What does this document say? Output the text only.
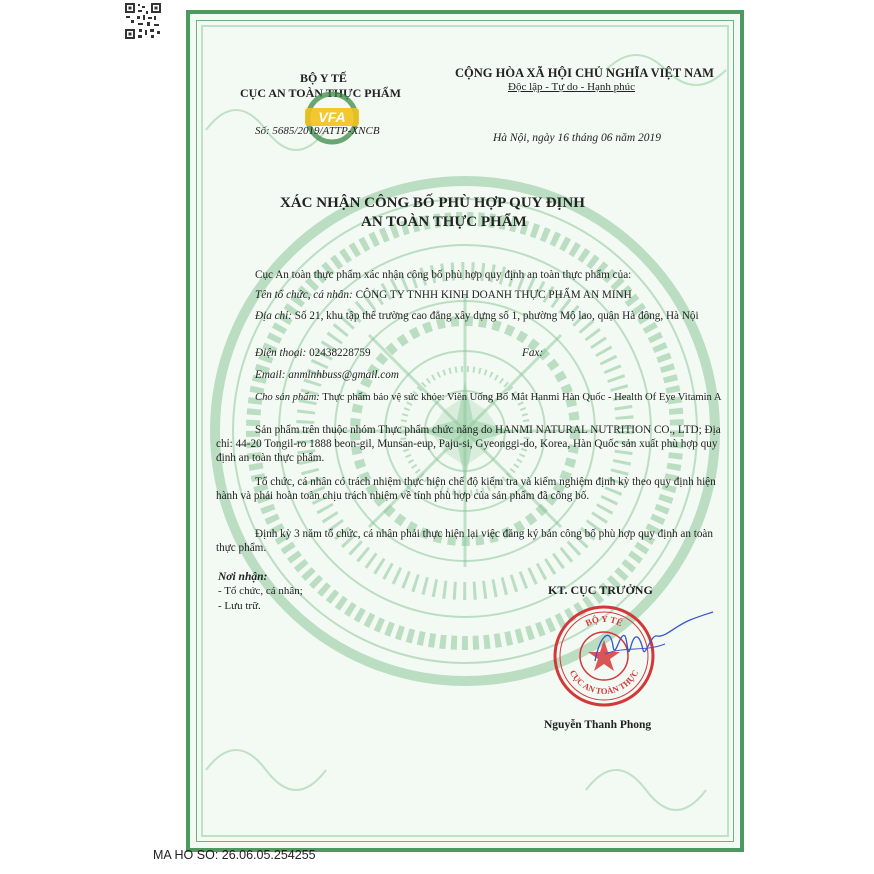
BỘ Y TẾ
CỤC AN TOÀN THỰC PHẨM
VFA
Số: 5685/2019/ATTP-XNCB
CỘNG HÒA XÃ HỘI CHỦ NGHĨA VIỆT NAM
Độc lập - Tự do - Hạnh phúc
Hà Nội, ngày 16 tháng 06 năm 2019
XÁC NHẬN CÔNG BỐ PHÙ HỢP QUY ĐỊNH
AN TOÀN THỰC PHẨM
Cục An toàn thực phẩm xác nhận công bố phù hợp quy định an toàn thực phẩm của:
Tên tổ chức, cá nhân: CÔNG TY TNHH KINH DOANH THỰC PHẨM AN MINH
Địa chỉ: Số 21, khu tập thể trường cao đẳng xây dựng số 1, phường Mộ lao, quận Hà đông, Hà Nội
Điện thoại: 02438228759	Fax:
Email: anminhbuss@gmail.com
Cho sản phẩm: Thực phẩm bảo vệ sức khỏe: Viên Uống Bổ Mắt Hanmi Hàn Quốc - Health Of Eye Vitamin A
Sản phẩm trên thuộc nhóm Thực phẩm chức năng do HANMI NATURAL NUTRITION CO., LTD; Địa chỉ: 44-20 Tongil-ro 1888 beon-gil, Munsan-eup, Paju-si, Gyeonggi-do, Korea, Hàn Quốc sản xuất phù hợp quy định an toàn thực phẩm.
Tổ chức, cá nhân có trách nhiệm thực hiện chế độ kiểm tra và kiểm nghiệm định kỳ theo quy định hiện hành và phải hoàn toàn chịu trách nhiệm về tính phù hợp của sản phẩm đã công bố.
Định kỳ 3 năm tổ chức, cá nhân phải thực hiện lại việc đăng ký bản công bố phù hợp quy định an toàn thực phẩm.
Nơi nhận:
- Tổ chức, cá nhân;
- Lưu trữ.
KT. CỤC TRƯỞNG
BỘ Y TẾ
CỤC AN TOÀN THỰC
Nguyễn Thanh Phong
MA HO SO: 26.06.05.254255
